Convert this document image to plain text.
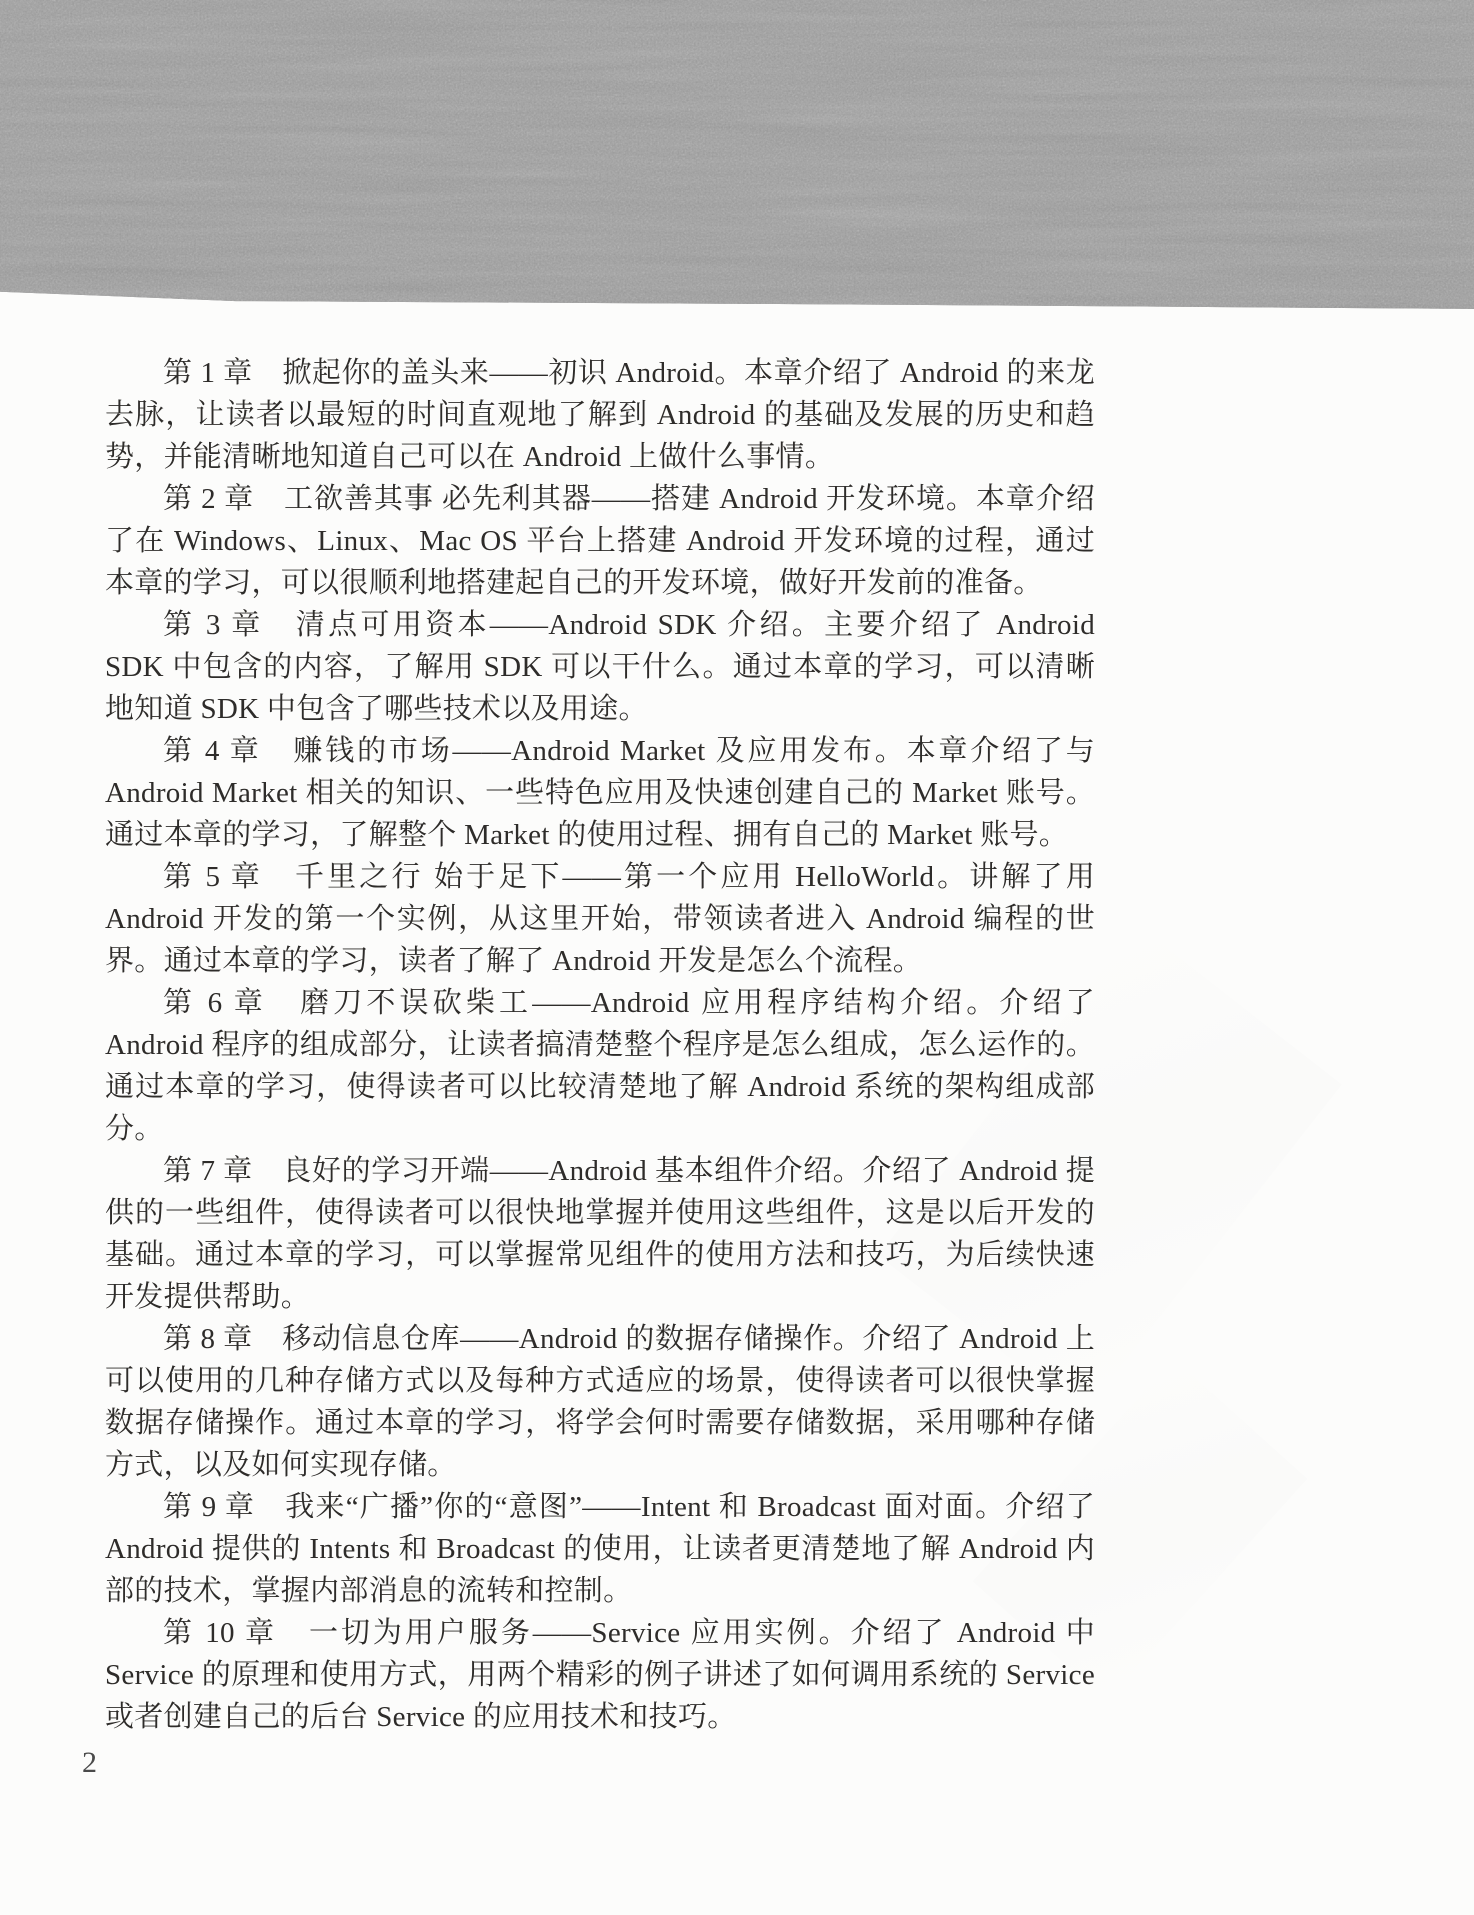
第 1 章　掀起你的盖头来——初识 Android。本章介绍了 Android 的来龙去脉，让读者以最短的时间直观地了解到 Android 的基础及发展的历史和趋势，并能清晰地知道自己可以在 Android 上做什么事情。

第 2 章　工欲善其事 必先利其器——搭建 Android 开发环境。本章介绍了在 Windows、Linux、Mac OS 平台上搭建 Android 开发环境的过程，通过本章的学习，可以很顺利地搭建起自己的开发环境，做好开发前的准备。

第 3 章　清点可用资本——Android SDK 介绍。主要介绍了 Android SDK 中包含的内容，了解用 SDK 可以干什么。通过本章的学习，可以清晰地知道 SDK 中包含了哪些技术以及用途。

第 4 章　赚钱的市场——Android Market 及应用发布。本章介绍了与 Android Market 相关的知识、一些特色应用及快速创建自己的 Market 账号。通过本章的学习，了解整个 Market 的使用过程、拥有自己的 Market 账号。

第 5 章　千里之行 始于足下——第一个应用 HelloWorld。讲解了用 Android 开发的第一个实例，从这里开始，带领读者进入 Android 编程的世界。通过本章的学习，读者了解了 Android 开发是怎么个流程。

第 6 章　磨刀不误砍柴工——Android 应用程序结构介绍。介绍了 Android 程序的组成部分，让读者搞清楚整个程序是怎么组成，怎么运作的。通过本章的学习，使得读者可以比较清楚地了解 Android 系统的架构组成部分。

第 7 章　良好的学习开端——Android 基本组件介绍。介绍了 Android 提供的一些组件，使得读者可以很快地掌握并使用这些组件，这是以后开发的基础。通过本章的学习，可以掌握常见组件的使用方法和技巧，为后续快速开发提供帮助。

第 8 章　移动信息仓库——Android 的数据存储操作。介绍了 Android 上可以使用的几种存储方式以及每种方式适应的场景，使得读者可以很快掌握数据存储操作。通过本章的学习，将学会何时需要存储数据，采用哪种存储方式，以及如何实现存储。

第 9 章　我来“广播”你的“意图”——Intent 和 Broadcast 面对面。介绍了 Android 提供的 Intents 和 Broadcast 的使用，让读者更清楚地了解 Android 内部的技术，掌握内部消息的流转和控制。

第 10 章　一切为用户服务——Service 应用实例。介绍了 Android 中 Service 的原理和使用方式，用两个精彩的例子讲述了如何调用系统的 Service 或者创建自己的后台 Service 的应用技术和技巧。

2
